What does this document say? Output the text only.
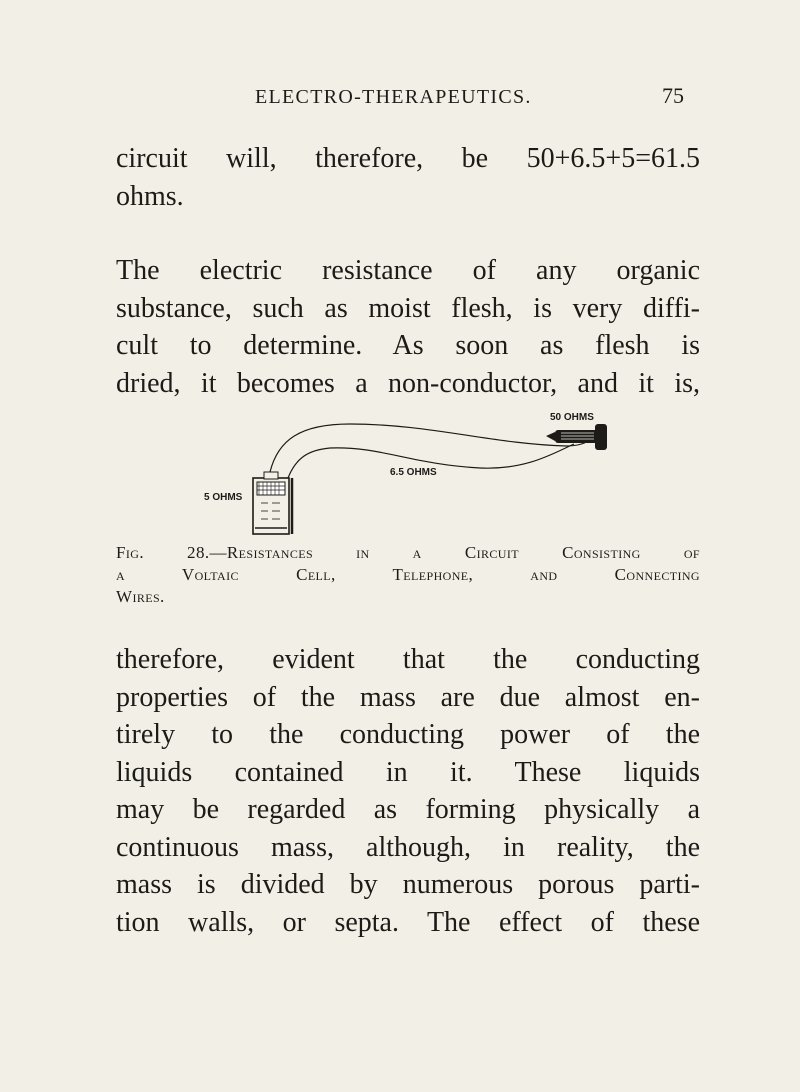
ELECTRO-THERAPEUTICS.	75

circuit will, therefore, be 50+6.5+5=61.5
ohms.

The electric resistance of any organic
substance, such as moist flesh, is very diffi-
cult to determine. As soon as flesh is
dried, it becomes a non-conductor, and it is,

50 OHMS
6.5 OHMS
5 OHMS
Fig. 28.—Resistances in a Circuit Consisting of
a Voltaic Cell, Telephone, and Connecting
Wires.

therefore, evident that the conducting
properties of the mass are due almost en-
tirely to the conducting power of the
liquids contained in it. These liquids
may be regarded as forming physically a
continuous mass, although, in reality, the
mass is divided by numerous porous parti-
tion walls, or septa. The effect of these
